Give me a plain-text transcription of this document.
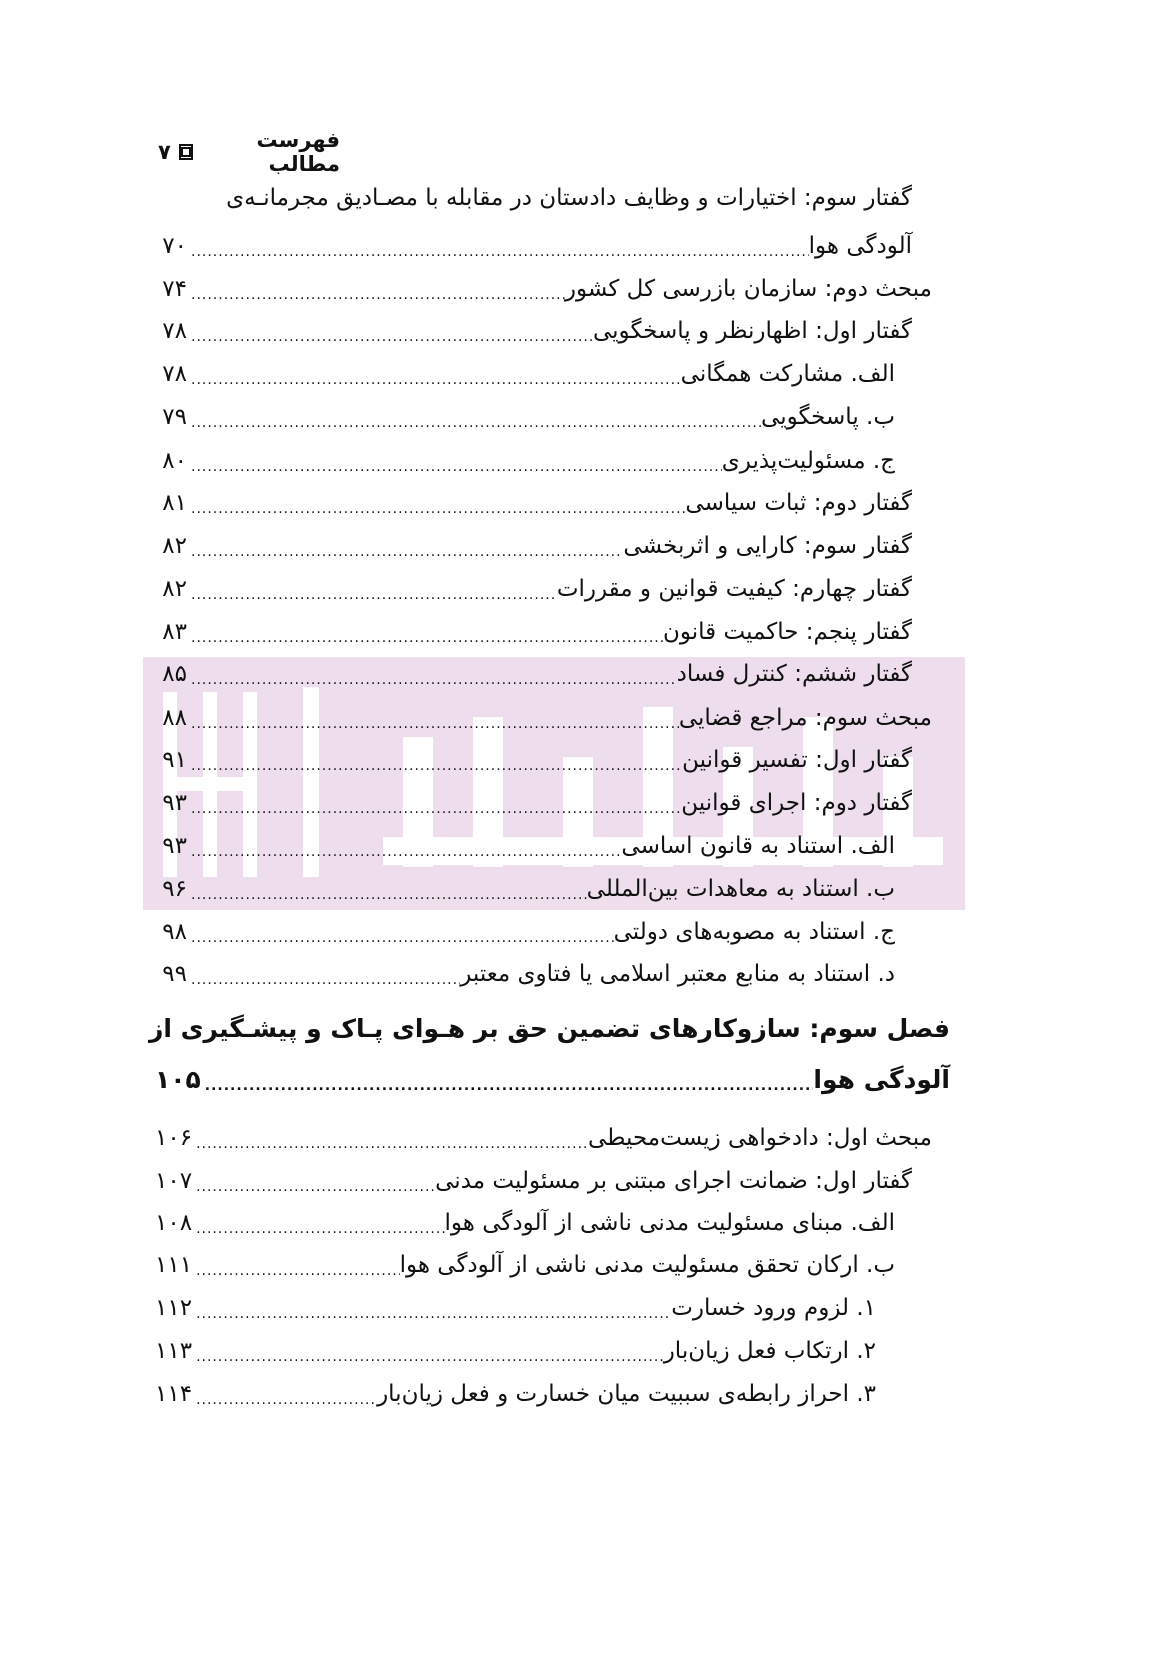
فهرست مطالب
۷
گفتار سوم: اختیارات و وظایف دادستان در مقابله با مصـادیق مجرمانـه‌ی
آلودگی هوا
.....
۷۰
مبحث دوم: سازمان بازرسی کل کشور
.....
۷۴
گفتار اول: اظهارنظر و پاسخگویی
.....
۷۸
الف. مشارکت همگانی
.....
۷۸
ب. پاسخگویی
.....
۷۹
ج. مسئولیت‌پذیری
.....
۸۰
گفتار دوم: ثبات سیاسی
.....
۸۱
گفتار سوم: کارایی و اثربخشی
.....
۸۲
گفتار چهارم: کیفیت قوانین و مقررات
.....
۸۲
گفتار پنجم: حاکمیت قانون
.....
۸۳
گفتار ششم: کنترل فساد
.....
۸۵
مبحث سوم: مراجع قضایی
.....
۸۸
گفتار اول: تفسیر قوانین
.....
۹۱
گفتار دوم: اجرای قوانین
.....
۹۳
الف. استناد به قانون اساسی
.....
۹۳
ب. استناد به معاهدات بین‌المللی
.....
۹۶
ج. استناد به مصوبه‌های دولتی
.....
۹۸
د. استناد به منابع معتبر اسلامی یا فتاوی معتبر
.....
۹۹
فصل سوم: سازوکارهای تضمین حق بر هـوای پـاک و پیشـگیری از
آلودگی هوا
.....
۱۰۵
مبحث اول: دادخواهی زیست‌محیطی
.....
۱۰۶
گفتار اول: ضمانت اجرای مبتنی بر مسئولیت مدنی
.....
۱۰۷
الف. مبنای مسئولیت مدنی ناشی از آلودگی هوا
.....
۱۰۸
ب. ارکان تحقق مسئولیت مدنی ناشی از آلودگی هوا
.....
۱۱۱
۱. لزوم ورود خسارت
.....
۱۱۲
۲. ارتکاب فعل زیان‌بار
.....
۱۱۳
۳. احراز رابطه‌ی سببیت میان خسارت و فعل زیان‌بار
.....
۱۱۴
